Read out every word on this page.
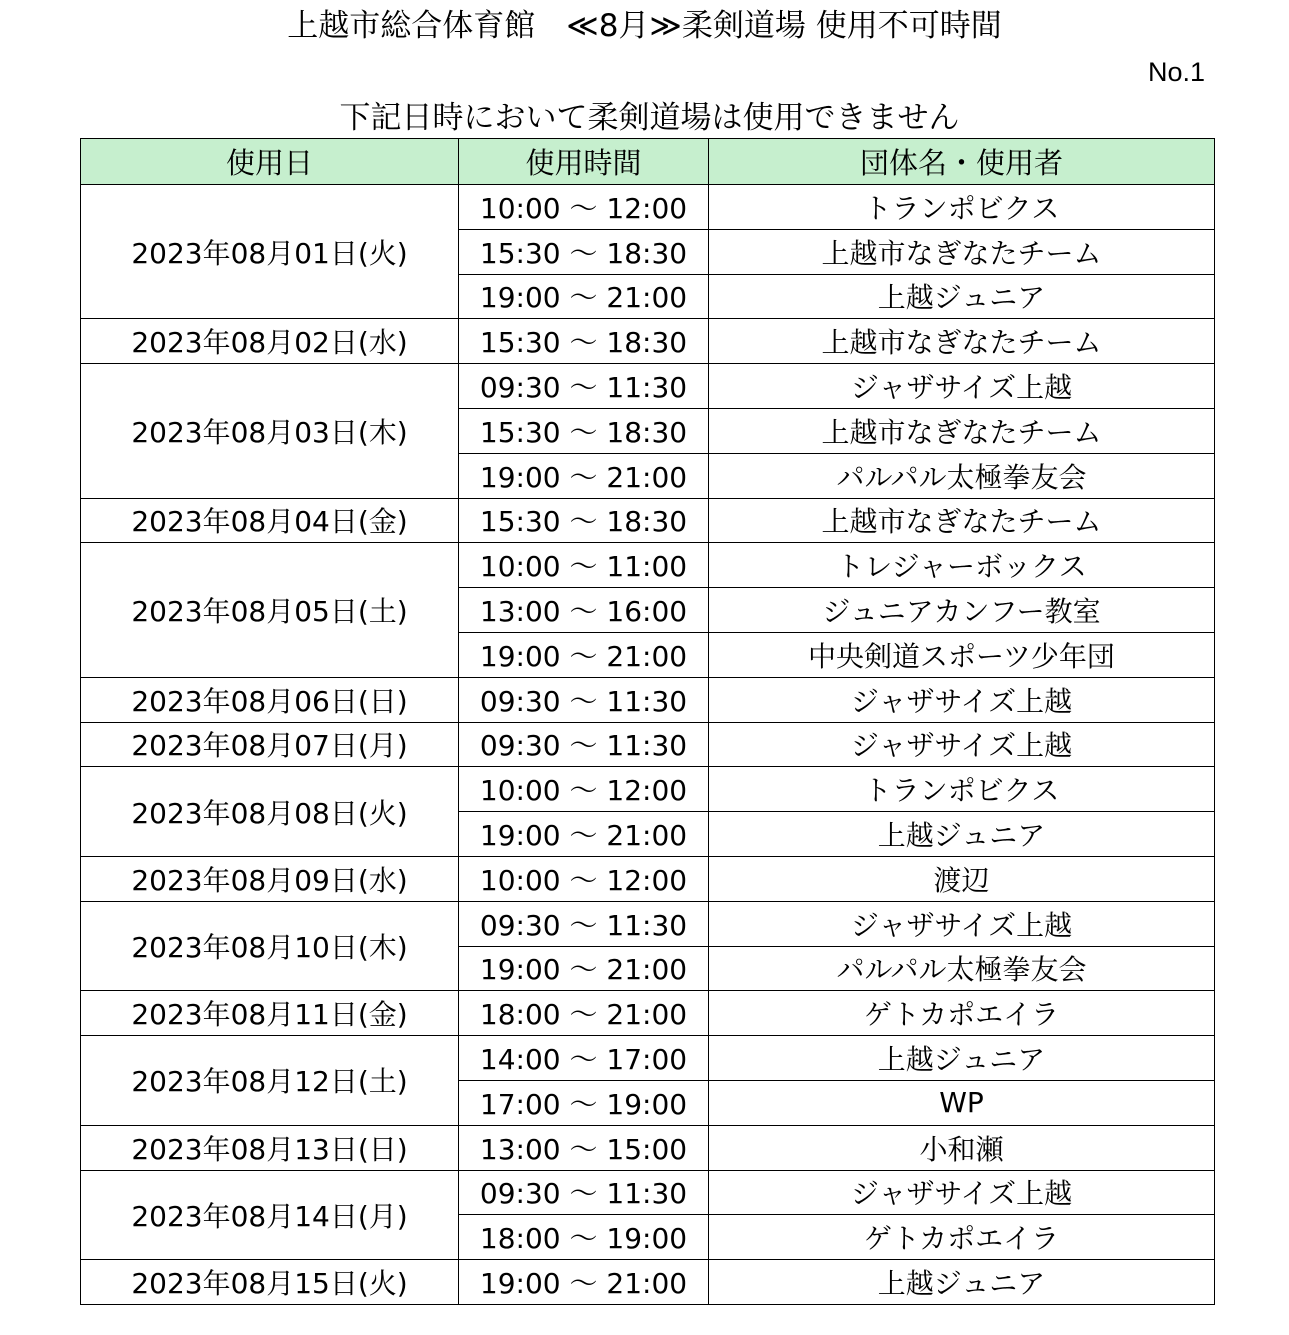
上越市総合体育館　≪8月≫柔剣道場 使用不可時間
No.1
下記日時において柔剣道場は使用できません
使用日	使用時間	団体名・使用者
2023年08月01日(火)	10:00 〜 12:00	トランポビクス
	15:30 〜 18:30	上越市なぎなたチーム
	19:00 〜 21:00	上越ジュニア
2023年08月02日(水)	15:30 〜 18:30	上越市なぎなたチーム
2023年08月03日(木)	09:30 〜 11:30	ジャザサイズ上越
	15:30 〜 18:30	上越市なぎなたチーム
	19:00 〜 21:00	パルパル太極拳友会
2023年08月04日(金)	15:30 〜 18:30	上越市なぎなたチーム
2023年08月05日(土)	10:00 〜 11:00	トレジャーボックス
	13:00 〜 16:00	ジュニアカンフー教室
	19:00 〜 21:00	中央剣道スポーツ少年団
2023年08月06日(日)	09:30 〜 11:30	ジャザサイズ上越
2023年08月07日(月)	09:30 〜 11:30	ジャザサイズ上越
2023年08月08日(火)	10:00 〜 12:00	トランポビクス
	19:00 〜 21:00	上越ジュニア
2023年08月09日(水)	10:00 〜 12:00	渡辺
2023年08月10日(木)	09:30 〜 11:30	ジャザサイズ上越
	19:00 〜 21:00	パルパル太極拳友会
2023年08月11日(金)	18:00 〜 21:00	ゲトカポエイラ
2023年08月12日(土)	14:00 〜 17:00	上越ジュニア
	17:00 〜 19:00	WP
2023年08月13日(日)	13:00 〜 15:00	小和瀬
2023年08月14日(月)	09:30 〜 11:30	ジャザサイズ上越
	18:00 〜 19:00	ゲトカポエイラ
2023年08月15日(火)	19:00 〜 21:00	上越ジュニア
